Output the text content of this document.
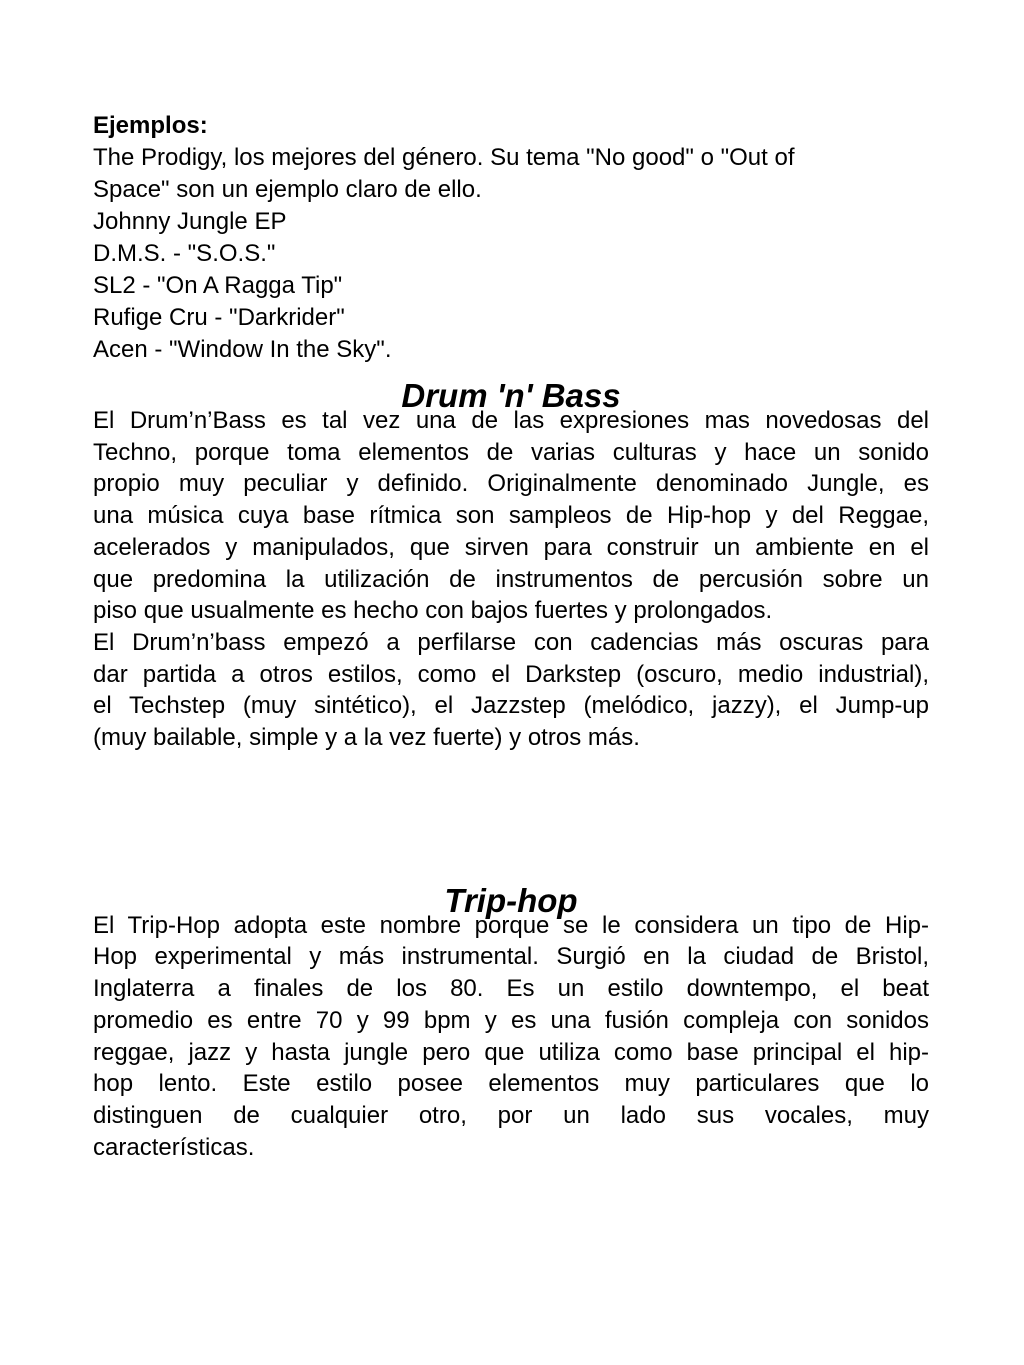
Ejemplos:

The Prodigy, los mejores del género. Su tema "No good" o "Out of

Space" son un ejemplo claro de ello.

Johnny Jungle EP

D.M.S. - "S.O.S."

SL2 - "On A Ragga Tip"

Rufige Cru - "Darkrider"

Acen - "Window In the Sky".

Drum 'n' Bass
El Drum’n’Bass es tal vez una de las expresiones mas novedosas del
Techno, porque toma elementos de varias culturas y hace un sonido
propio muy peculiar y definido. Originalmente denominado Jungle, es
una música cuya base rítmica son sampleos de Hip-hop y del Reggae,
acelerados y manipulados, que sirven para construir un ambiente en el
que predomina la utilización de instrumentos de percusión sobre un
piso que usualmente es hecho con bajos fuertes y prolongados.
El Drum’n’bass empezó a perfilarse con cadencias más oscuras para
dar partida a otros estilos, como el Darkstep (oscuro, medio industrial),
el Techstep (muy sintético), el Jazzstep (melódico, jazzy), el Jump-up
(muy bailable, simple y a la vez fuerte) y otros más.
Trip-hop
El Trip-Hop adopta este nombre porque se le considera un tipo de Hip-
Hop experimental y más instrumental. Surgió en la ciudad de Bristol,
Inglaterra a finales de los 80. Es un estilo downtempo, el beat
promedio es entre 70 y 99 bpm y es una fusión compleja con sonidos
reggae, jazz y hasta jungle pero que utiliza como base principal el hip-
hop lento. Este estilo posee elementos muy particulares que lo
distinguen de cualquier otro, por un lado sus vocales, muy
características.
